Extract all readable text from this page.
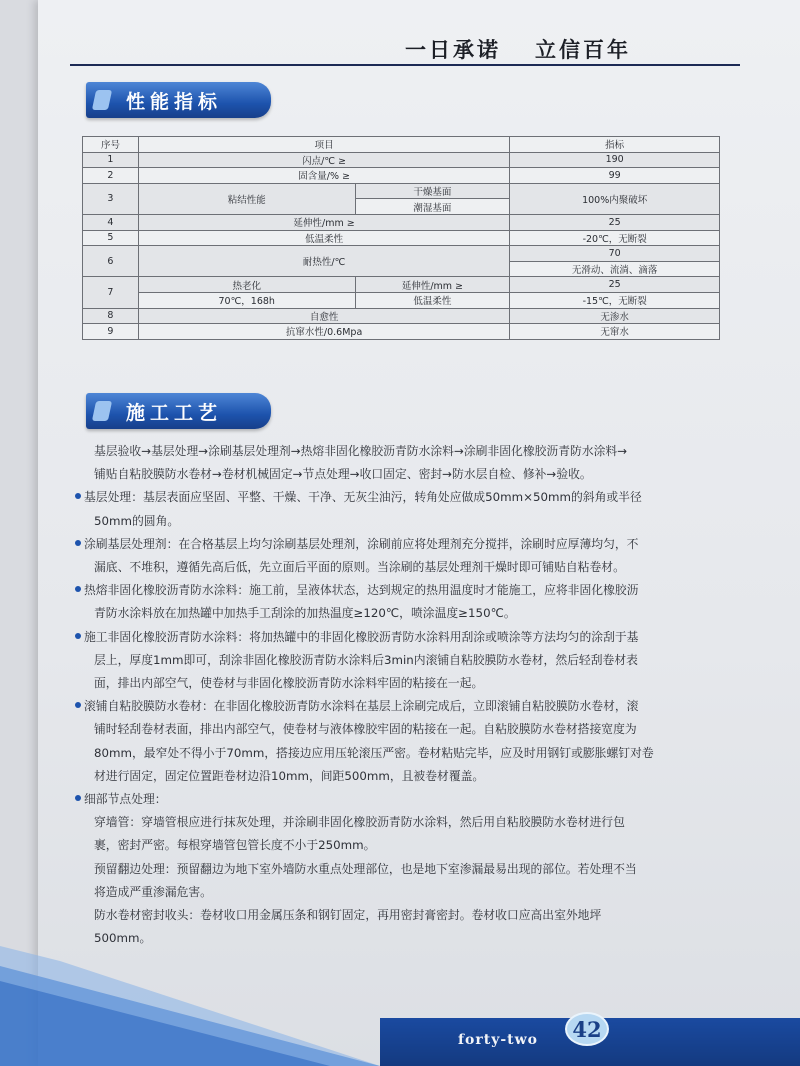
一日承诺 立信百年
性能指标
序号	项目		指标
1	闪点/℃ ≥		190
2	固含量/% ≥		99
3	粘结性能	干燥基面	100%内聚破坏
		潮湿基面	
4	延伸性/mm ≥		25
5	低温柔性		-20℃，无断裂
6	耐热性/℃		70
			无滑动、流淌、滴落
7	热老化	延伸性/mm ≥	25
	70℃，168h	低温柔性	-15℃，无断裂
8	自愈性		无渗水
9	抗窜水性/0.6Mpa		无窜水
施工工艺

基层验收→基层处理→涂刷基层处理剂→热熔非固化橡胶沥青防水涂料→涂刷非固化橡胶沥青防水涂料→

铺贴自粘胶膜防水卷材→卷材机械固定→节点处理→收口固定、密封→防水层自检、修补→验收。

基层处理：基层表面应坚固、平整、干燥、干净、无灰尘油污，转角处应做成50mm×50mm的斜角或半径

50mm的圆角。

涂刷基层处理剂：在合格基层上均匀涂刷基层处理剂，涂刷前应将处理剂充分搅拌，涂刷时应厚薄均匀，不

漏底、不堆积，遵循先高后低，先立面后平面的原则。当涂刷的基层处理剂干燥时即可铺贴自粘卷材。

热熔非固化橡胶沥青防水涂料：施工前，呈液体状态，达到规定的热用温度时才能施工，应将非固化橡胶沥

青防水涂料放在加热罐中加热手工刮涂的加热温度≥120℃，喷涂温度≥150℃。

施工非固化橡胶沥青防水涂料：将加热罐中的非固化橡胶沥青防水涂料用刮涂或喷涂等方法均匀的涂刮于基

层上，厚度1mm即可，刮涂非固化橡胶沥青防水涂料后3min内滚铺自粘胶膜防水卷材，然后轻刮卷材表

面，排出内部空气，使卷材与非固化橡胶沥青防水涂料牢固的粘接在一起。

滚铺自粘胶膜防水卷材：在非固化橡胶沥青防水涂料在基层上涂刷完成后，立即滚铺自粘胶膜防水卷材，滚

铺时轻刮卷材表面，排出内部空气，使卷材与液体橡胶牢固的粘接在一起。自粘胶膜防水卷材搭接宽度为

80mm，最窄处不得小于70mm，搭接边应用压轮滚压严密。卷材粘贴完毕，应及时用钢钉或膨胀螺钉对卷

材进行固定，固定位置距卷材边沿10mm，间距500mm，且被卷材覆盖。

细部节点处理：

穿墙管：穿墙管根应进行抹灰处理，并涂刷非固化橡胶沥青防水涂料，然后用自粘胶膜防水卷材进行包

裹，密封严密。每根穿墙管包管长度不小于250mm。

预留翻边处理：预留翻边为地下室外墙防水重点处理部位，也是地下室渗漏最易出现的部位。若处理不当

将造成严重渗漏危害。

防水卷材密封收头：卷材收口用金属压条和钢钉固定，再用密封膏密封。卷材收口应高出室外地坪

500mm。

forty-two	42
